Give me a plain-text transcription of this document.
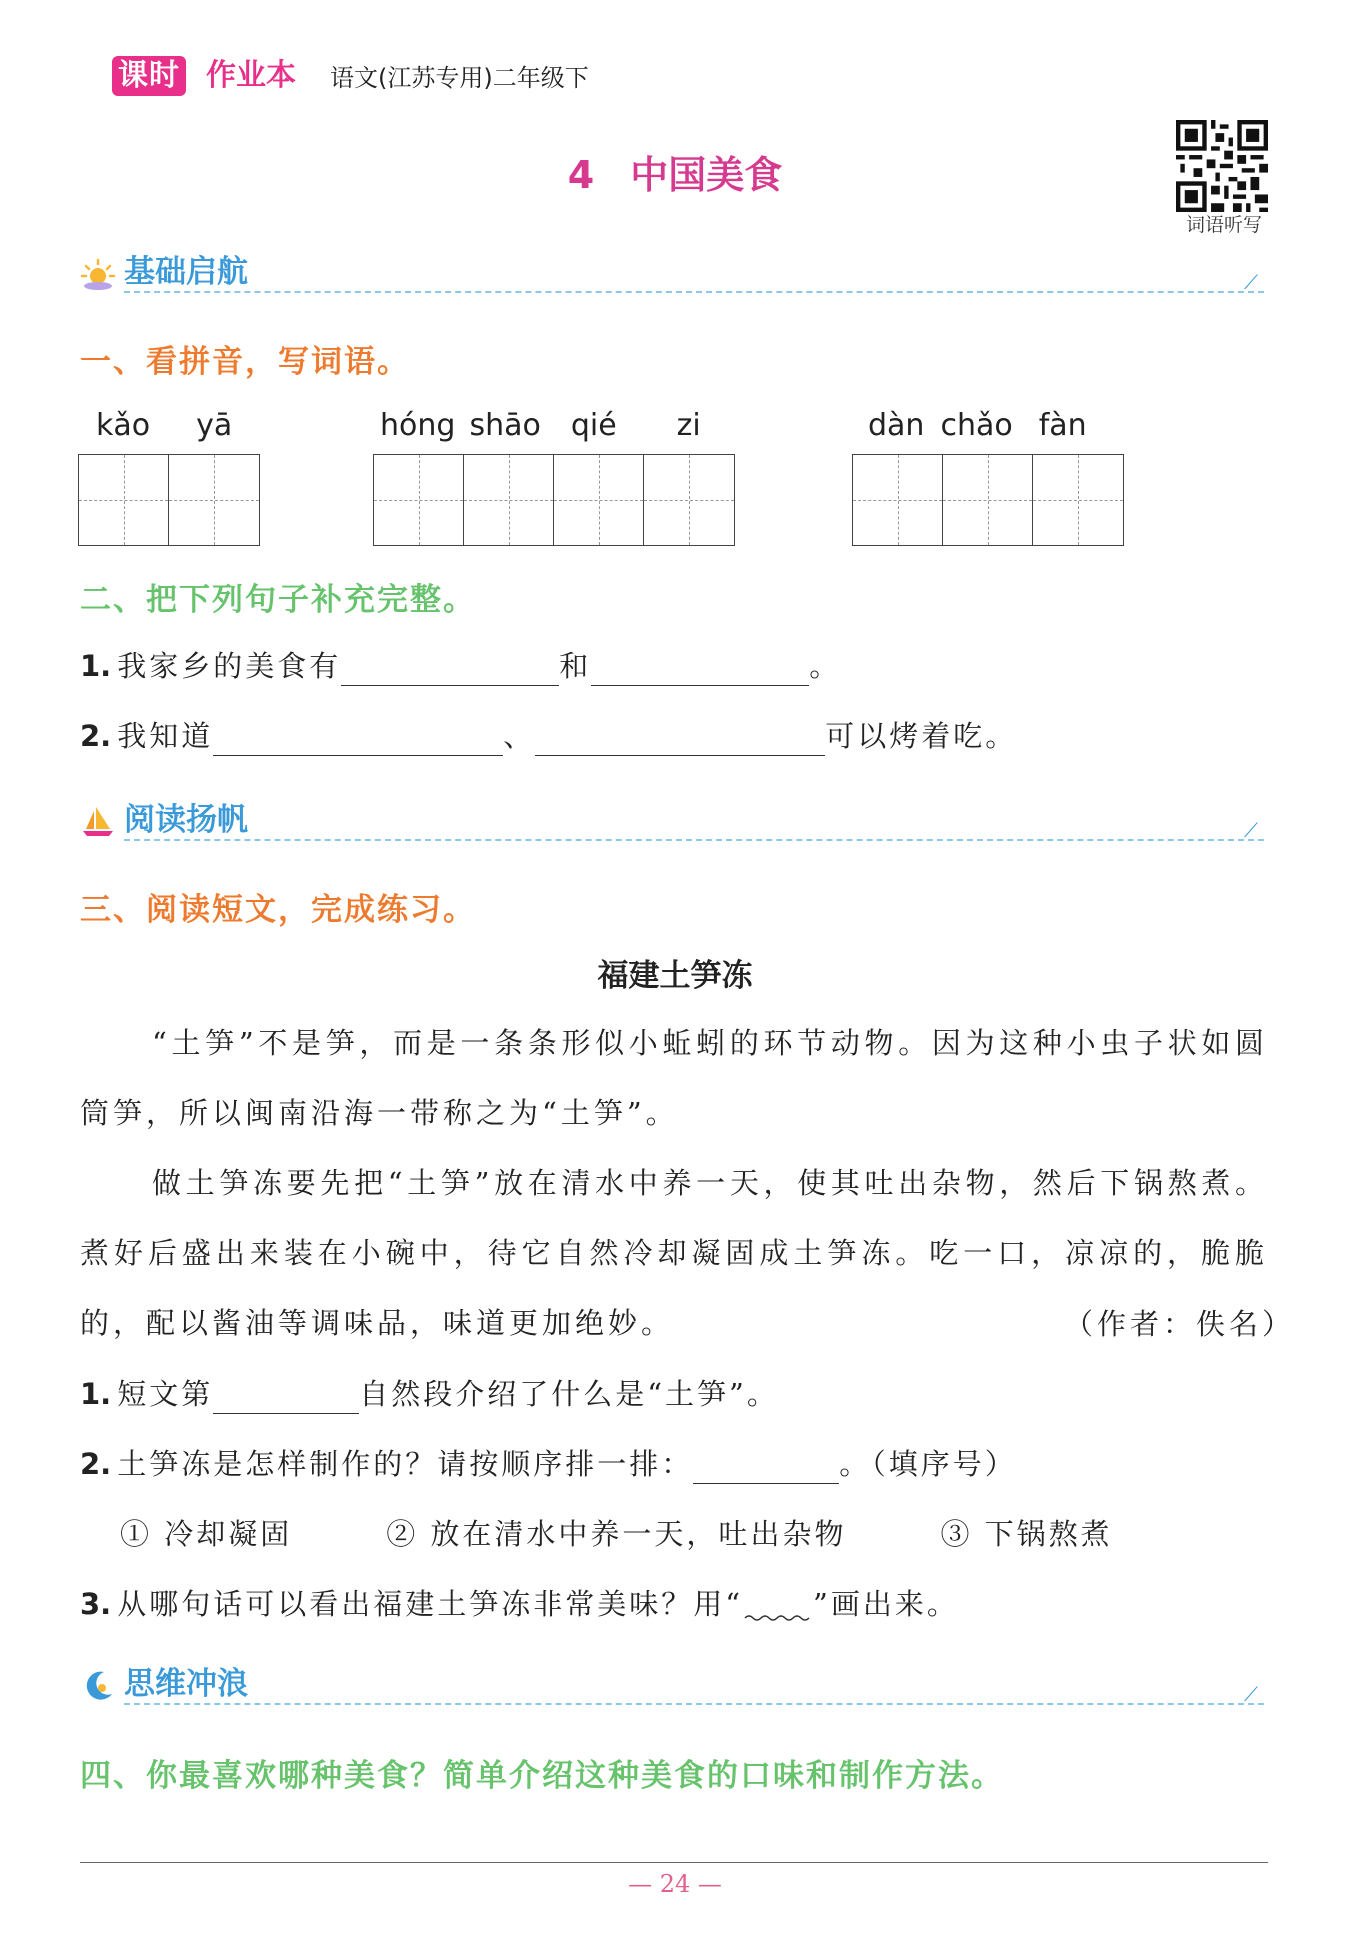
课时 作业本 语文(江苏专用)二年级下
4 中国美食
词语听写
基础启航	⟋
一、看拼音，写词语。
kǎo yā	hóng shāo qié zi	dàn chǎo fàn
二、把下列句子补充完整。
1. 我家乡的美食有	和	。
2. 我知道	、	可以烤着吃。
阅读扬帆	⟋
三、阅读短文，完成练习。
福建土笋冻
“土笋”不是笋，而是一条条形似小蚯蚓的环节动物。因为这种小虫子状如圆筒笋，所以闽南沿海一带称之为“土笋”。
做土笋冻要先把“土笋”放在清水中养一天，使其吐出杂物，然后下锅熬煮。煮好后盛出来装在小碗中，待它自然冷却凝固成土笋冻。吃一口，凉凉的，脆脆的，配以酱油等调味品，味道更加绝妙。	（作者：佚名）
1. 短文第	自然段介绍了什么是“土笋”。
2. 土笋冻是怎样制作的？请按顺序排一排：	。（填序号）
① 冷却凝固	② 放在清水中养一天，吐出杂物	③ 下锅熬煮
3. 从哪句话可以看出福建土笋冻非常美味？用“ ”画出来。
思维冲浪	⟋
四、你最喜欢哪种美食？简单介绍这种美食的口味和制作方法。
— 24 —
